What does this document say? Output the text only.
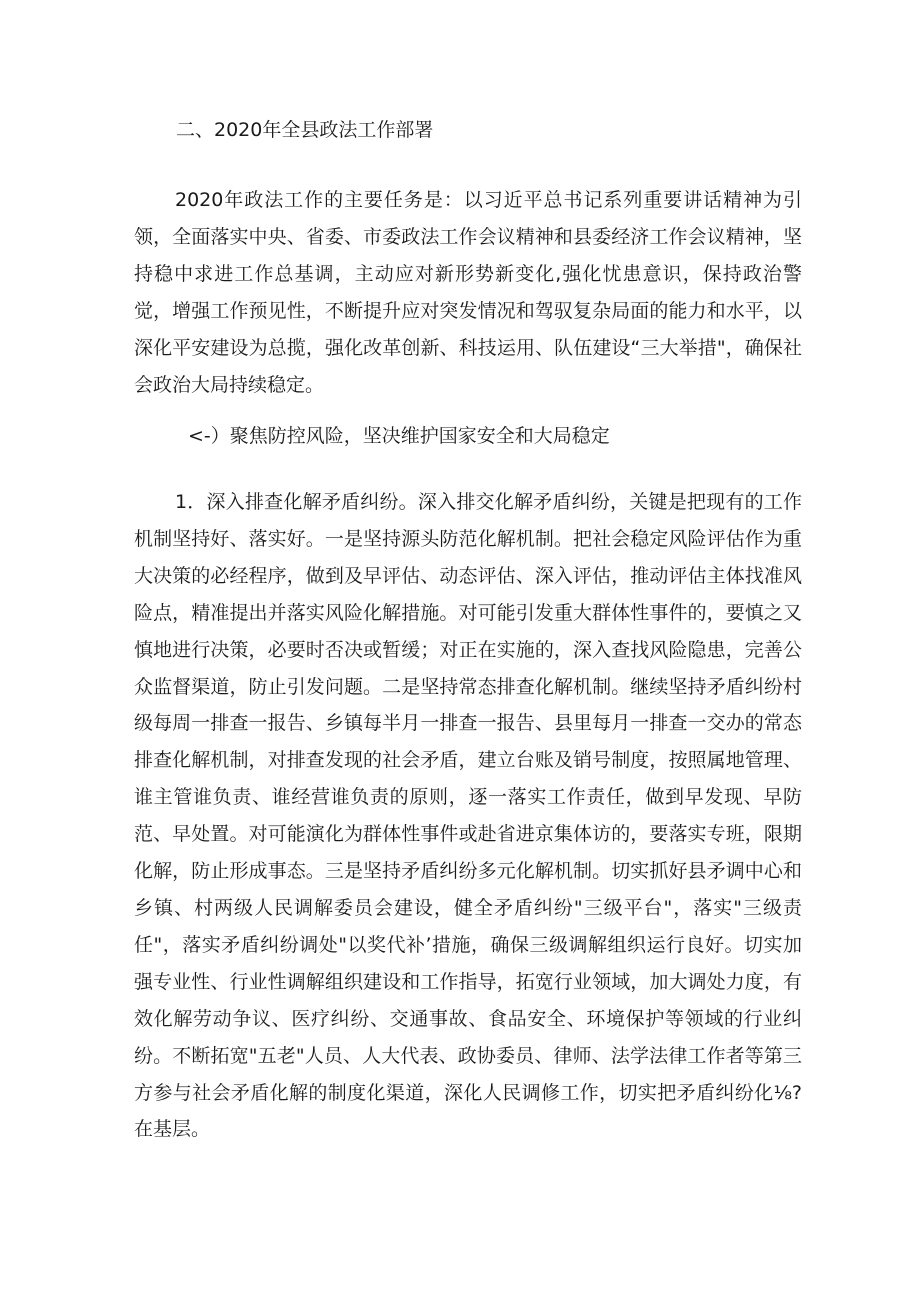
二、2020年全县政法工作部署

2020年政法工作的主要任务是：以习近平总书记系列重要讲话精神为引领，全面落实中央、省委、市委政法工作会议精神和县委经济工作会议精神，坚持稳中求进工作总基调，主动应对新形势新变化,强化忧患意识，保持政治警觉，增强工作预见性，不断提升应对突发情况和驾驭复杂局面的能力和水平，以深化平安建设为总揽，强化改革创新、科技运用、队伍建设“三大举措"，确保社会政治大局持续稳定。

<-）聚焦防控风险，坚决维护国家安全和大局稳定

1．深入排查化解矛盾纠纷。深入排交化解矛盾纠纷，关键是把现有的工作机制坚持好、落实好。一是坚持源头防范化解机制。把社会稳定风险评估作为重大决策的必经程序，做到及早评估、动态评估、深入评估，推动评估主体找准风险点，精准提出并落实风险化解措施。对可能引发重大群体性事件的，要慎之又慎地进行决策，必要时否决或暂缓；对正在实施的，深入查找风险隐患，完善公众监督渠道，防止引发问题。二是坚持常态排查化解机制。继续坚持矛盾纠纷村级每周一排查一报告、乡镇每半月一排查一报告、县里每月一排查一交办的常态排查化解机制，对排查发现的社会矛盾，建立台账及销号制度，按照属地管理、谁主管谁负责、谁经营谁负责的原则，逐一落实工作责任，做到早发现、早防范、早处置。对可能演化为群体性事件或赴省进京集体访的，要落实专班，限期化解，防止形成事态。三是坚持矛盾纠纷多元化解机制。切实抓好县矛调中心和乡镇、村两级人民调解委员会建设，健全矛盾纠纷"三级平台"，落实"三级责任"，落实矛盾纠纷调处"以奖代补’措施，确保三级调解组织运行良好。切实加强专业性、行业性调解组织建设和工作指导，拓宽行业领域，加大调处力度，有效化解劳动争议、医疗纠纷、交通事故、食品安全、环境保护等领域的行业纠纷。不断拓宽"五老"人员、人大代表、政协委员、律师、法学法律工作者等第三方参与社会矛盾化解的制度化渠道，深化人民调修工作，切实把矛盾纠纷化⅛?在基层。
